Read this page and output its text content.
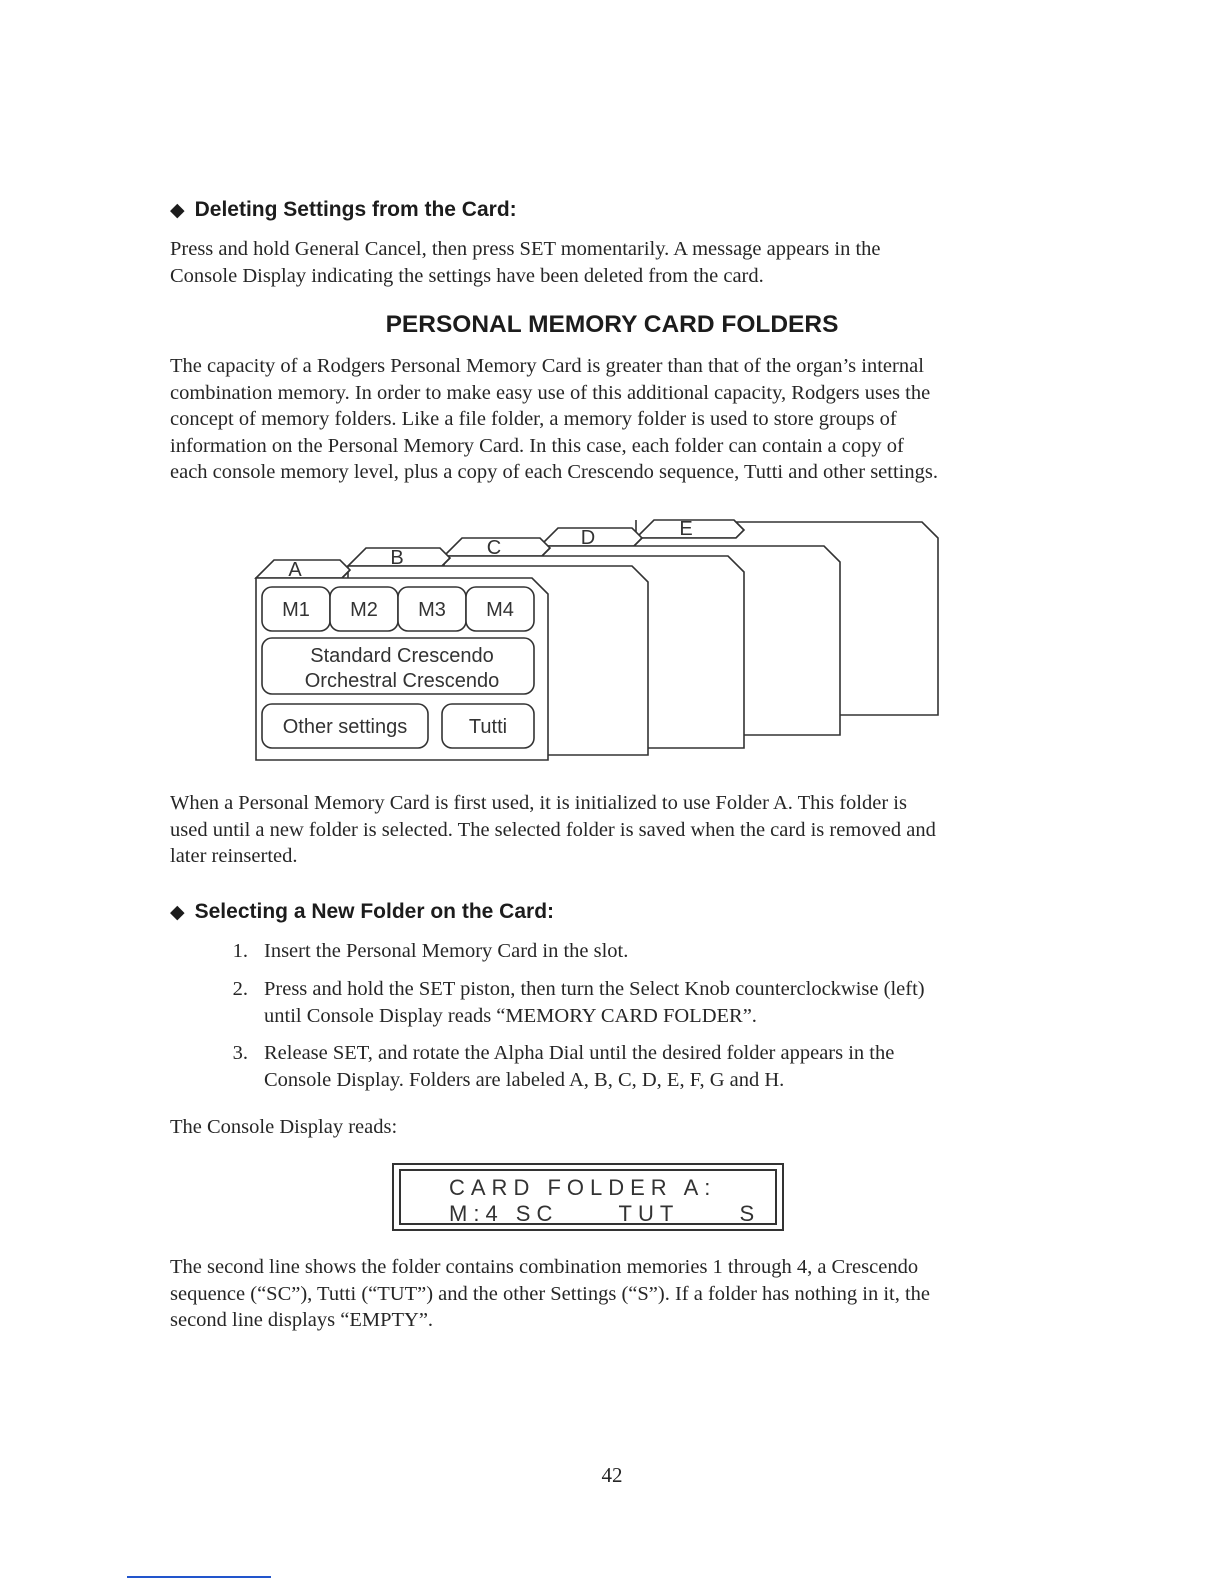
◆ Deleting Settings from the Card:
Press and hold General Cancel, then press SET momentarily. A message appears in the
Console Display indicating the settings have been deleted from the card.
PERSONAL MEMORY CARD FOLDERS
The capacity of a Rodgers Personal Memory Card is greater than that of the organ’s internal
combination memory. In order to make easy use of this additional capacity, Rodgers uses the
concept of memory folders. Like a file folder, a memory folder is used to store groups of
information on the Personal Memory Card. In this case, each folder can contain a copy of
each console memory level, plus a copy of each Crescendo sequence, Tutti and other settings.
A
B	C	D	E
M1 M2 M3 M4
Standard Crescendo
Orchestral Crescendo
Other settings	Tutti
When a Personal Memory Card is first used, it is initialized to use Folder A. This folder is
used until a new folder is selected. The selected folder is saved when the card is removed and
later reinserted.
◆ Selecting a New Folder on the Card:
1. Insert the Personal Memory Card in the slot.
2. Press and hold the SET piston, then turn the Select Knob counterclockwise (left)
until Console Display reads “MEMORY CARD FOLDER”.
3. Release SET, and rotate the Alpha Dial until the desired folder appears in the
Console Display. Folders are labeled A, B, C, D, E, F, G and H.
The Console Display reads:
CARD FOLDER A:
M:4 SC     TUT     S
The second line shows the folder contains combination memories 1 through 4, a Crescendo
sequence (“SC”), Tutti (“TUT”) and the other Settings (“S”). If a folder has nothing in it, the
second line displays “EMPTY”.
42
